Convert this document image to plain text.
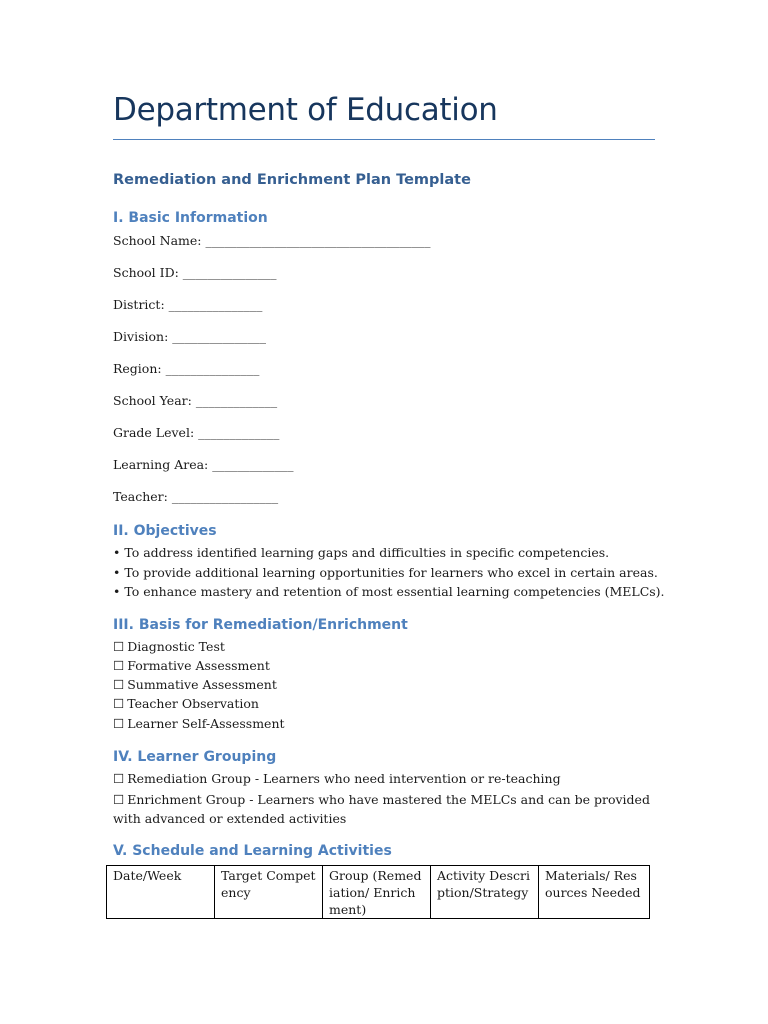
Department of Education
Remediation and Enrichment Plan Template
I. Basic Information
School Name: ____________________________________
School ID: _______________
District: _______________
Division: _______________
Region: _______________
School Year: _____________
Grade Level: _____________
Learning Area: _____________
Teacher: _________________
II. Objectives
• To address identified learning gaps and difficulties in specific competencies.
• To provide additional learning opportunities for learners who excel in certain areas.
• To enhance mastery and retention of most essential learning competencies (MELCs).
III. Basis for Remediation/Enrichment
☐ Diagnostic Test
☐ Formative Assessment
☐ Summative Assessment
☐ Teacher Observation
☐ Learner Self-Assessment
IV. Learner Grouping
☐ Remediation Group - Learners who need intervention or re-teaching
☐ Enrichment Group - Learners who have mastered the MELCs and can be provided with advanced or extended activities
V. Schedule and Learning Activities
Date/Week	Target Competency	Group (Remediation/ Enrichment)	Activity Description/Strategy	Materials/ Resources Needed
